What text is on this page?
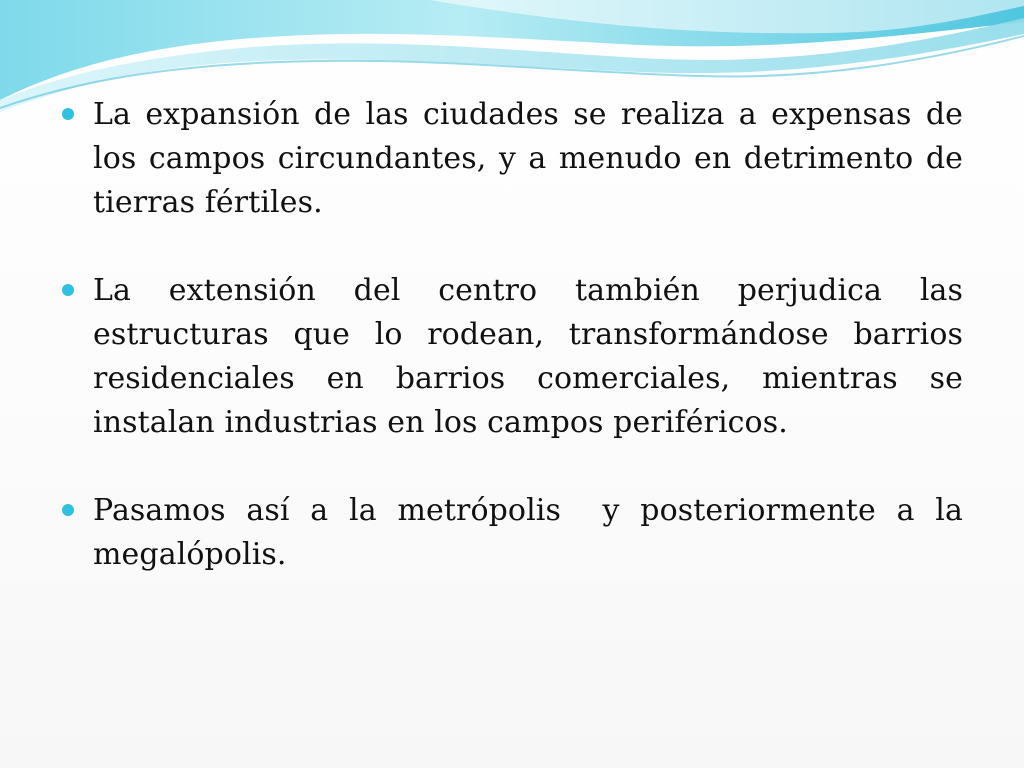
La expansión de las ciudades se realiza a expensas de los campos circundantes, y a menudo en detrimento de tierras fértiles.
La extensión del centro también perjudica las estructuras que lo rodean, transformándose barrios residenciales en barrios comerciales, mientras se instalan industrias en los campos periféricos.
Pasamos así a la metrópolis  y posteriormente a la megalópolis.
